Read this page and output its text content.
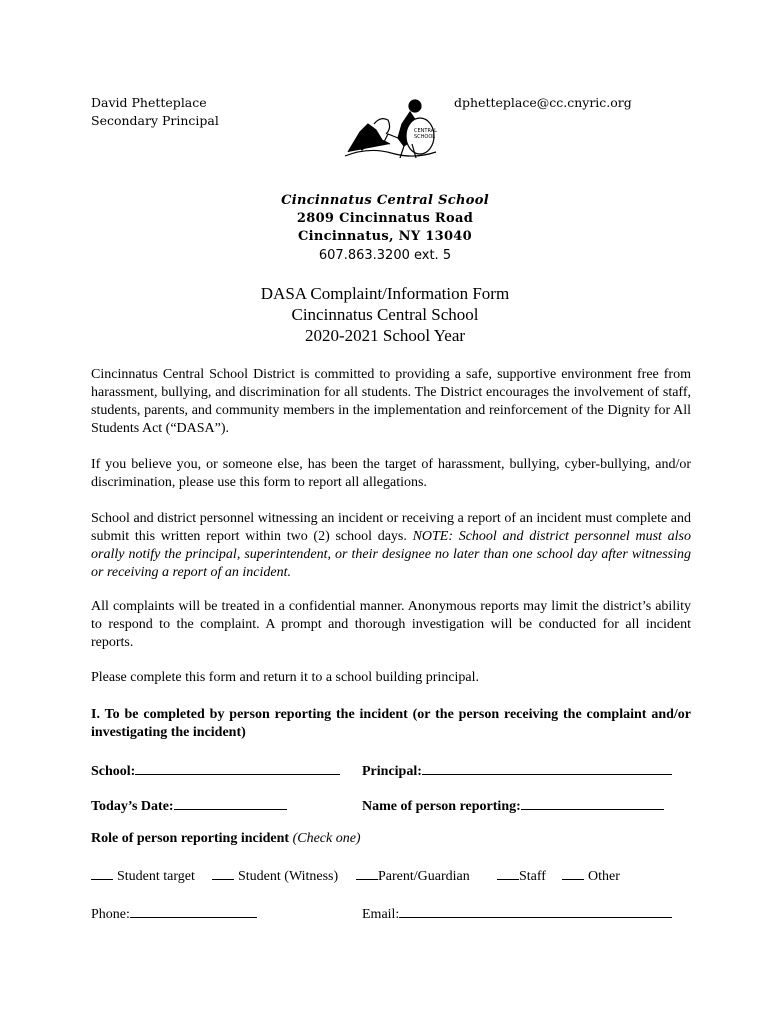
David Phetteplace
Secondary Principal
dphetteplace@cc.cnyric.org
CENTRAL
SCHOOL
Cincinnatus Central School
2809 Cincinnatus Road
Cincinnatus, NY 13040
607.863.3200 ext. 5
DASA Complaint/Information Form
Cincinnatus Central School
2020-2021 School Year
Cincinnatus Central School District is committed to providing a safe, supportive environment free from harassment, bullying, and discrimination for all students. The District encourages the involvement of staff, students, parents, and community members in the implementation and reinforcement of the Dignity for All Students Act (“DASA”).
If you believe you, or someone else, has been the target of harassment, bullying, cyber-bullying, and/or discrimination, please use this form to report all allegations.
School and district personnel witnessing an incident or receiving a report of an incident must complete and submit this written report within two (2) school days. NOTE: School and district personnel must also orally notify the principal, superintendent, or their designee no later than one school day after witnessing or receiving a report of an incident.
All complaints will be treated in a confidential manner. Anonymous reports may limit the district’s ability to respond to the complaint. A prompt and thorough investigation will be conducted for all incident reports.
Please complete this form and return it to a school building principal.
I. To be completed by person reporting the incident (or the person receiving the complaint and/or investigating the incident)
School:	Principal:
Today’s Date:	Name of person reporting:
Role of person reporting incident (Check one)
Student target	Student (Witness)	Parent/Guardian	Staff	Other
Phone:	Email:
